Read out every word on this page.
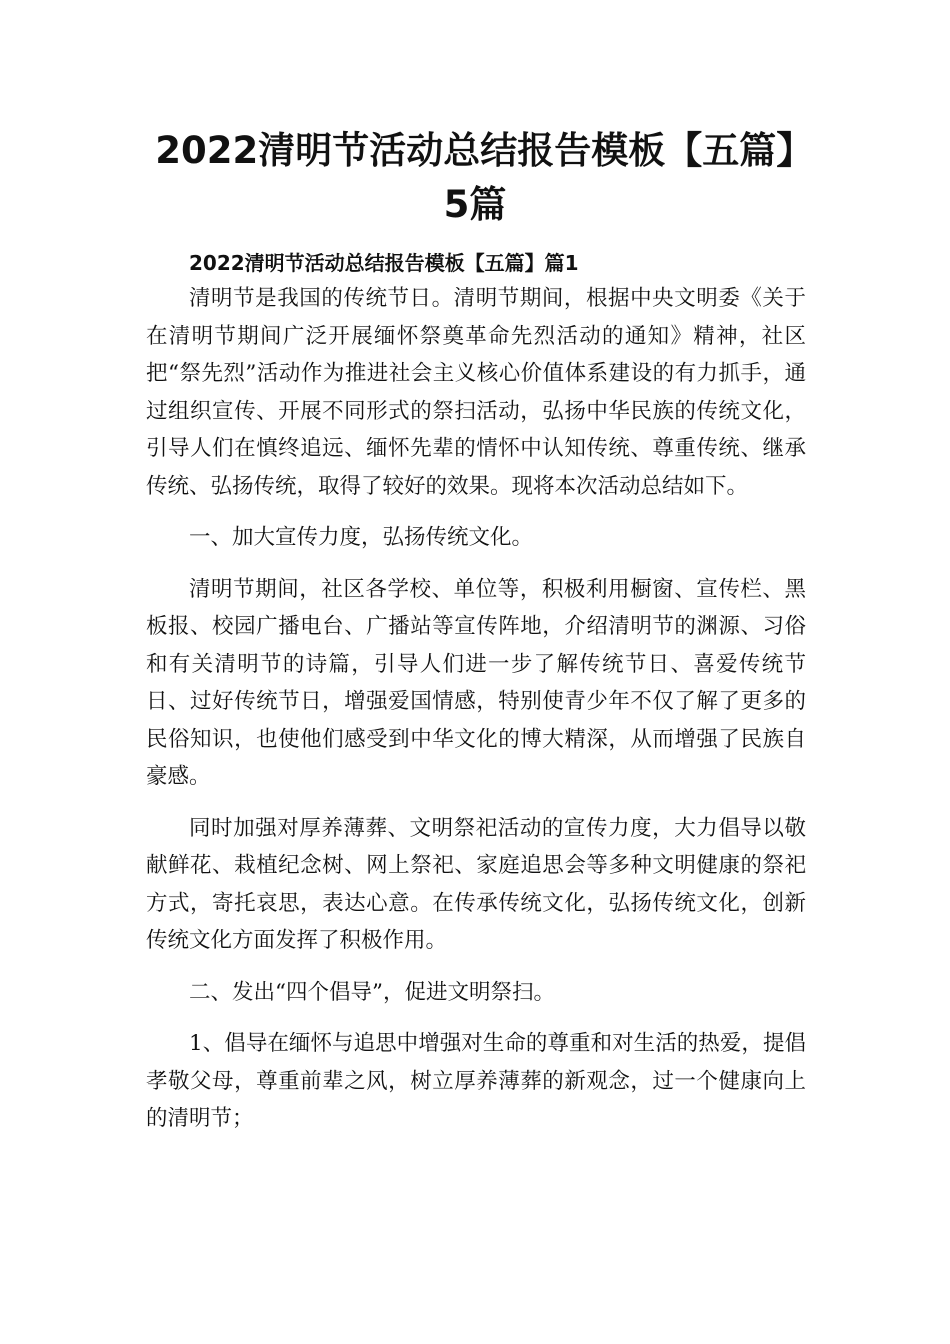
2022清明节活动总结报告模板【五篇】5篇

2022清明节活动总结报告模板【五篇】篇1

清明节是我国的传统节日。清明节期间，根据中央文明委《关于在清明节期间广泛开展缅怀祭奠革命先烈活动的通知》精神，社区把“祭先烈”活动作为推进社会主义核心价值体系建设的有力抓手，通过组织宣传、开展不同形式的祭扫活动，弘扬中华民族的传统文化，引导人们在慎终追远、缅怀先辈的情怀中认知传统、尊重传统、继承传统、弘扬传统，取得了较好的效果。现将本次活动总结如下。

一、加大宣传力度，弘扬传统文化。

清明节期间，社区各学校、单位等，积极利用橱窗、宣传栏、黑板报、校园广播电台、广播站等宣传阵地，介绍清明节的渊源、习俗和有关清明节的诗篇，引导人们进一步了解传统节日、喜爱传统节日、过好传统节日，增强爱国情感，特别使青少年不仅了解了更多的民俗知识，也使他们感受到中华文化的博大精深，从而增强了民族自豪感。

同时加强对厚养薄葬、文明祭祀活动的宣传力度，大力倡导以敬献鲜花、栽植纪念树、网上祭祀、家庭追思会等多种文明健康的祭祀方式，寄托哀思，表达心意。在传承传统文化，弘扬传统文化，创新传统文化方面发挥了积极作用。

二、发出“四个倡导”，促进文明祭扫。

1、倡导在缅怀与追思中增强对生命的尊重和对生活的热爱，提倡孝敬父母，尊重前辈之风，树立厚养薄葬的新观念，过一个健康向上的清明节；
